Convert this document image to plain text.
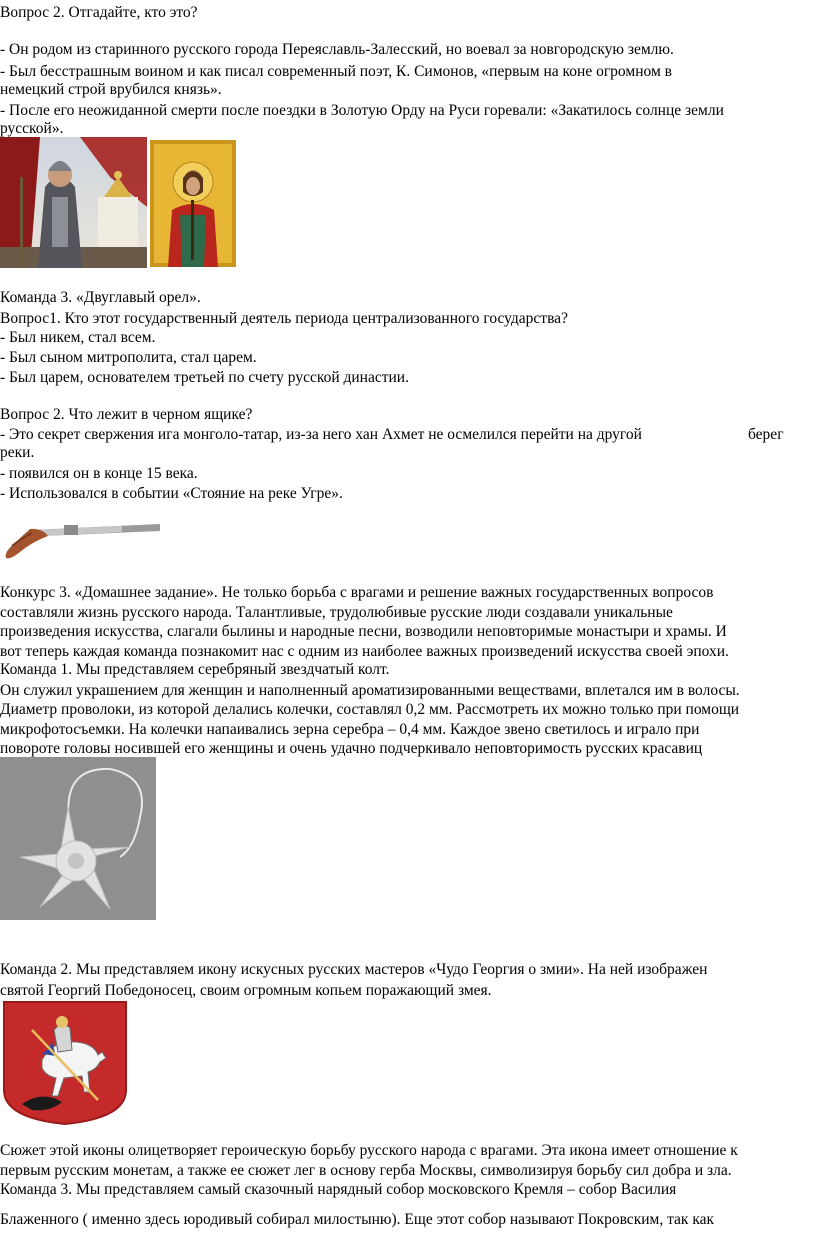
Вопрос 2. Отгадайте, кто это?
- Он родом из старинного русского города Переяславль-Залесский, но воевал за новгородскую землю.
- Был бесстрашным воином и как писал современный поэт, К. Симонов, «первым на коне огромном в
немецкий строй врубился князь».
- После его неожиданной смерти после поездки в Золотую Орду на Руси горевали: «Закатилось солнце земли
русской».
Команда 3. «Двуглавый орел».
Вопрос1. Кто этот государственный деятель периода централизованного государства?
- Был никем, стал всем.
- Был сыном митрополита, стал царем.
- Был царем, основателем третьей по счету русской династии.
Вопрос 2. Что лежит в черном ящике?
- Это секрет свержения ига монголо-татар, из-за него хан Ахмет не осмелился перейти на другой	берег
реки.
- появился он в конце 15 века.
- Использовался в событии «Стояние на реке Угре».
Конкурс 3. «Домашнее задание». Не только борьба с врагами и решение важных государственных вопросов
составляли жизнь русского народа. Талантливые, трудолюбивые русские люди создавали уникальные
произведения искусства, слагали былины и народные песни, возводили неповторимые монастыри и храмы. И
вот теперь каждая команда познакомит нас с одним из наиболее важных произведений искусства своей эпохи.
Команда 1. Мы представляем серебряный звездчатый колт.
Он служил украшением для женщин и наполненный ароматизированными веществами, вплетался им в волосы.
Диаметр проволоки, из которой делались колечки, составлял 0,2 мм. Рассмотреть их можно только при помощи
микрофотосъемки. На колечки напаивались зерна серебра – 0,4 мм. Каждое звено светилось и играло при
повороте головы носившей его женщины и очень удачно подчеркивало неповторимость русских красавиц
Команда 2. Мы представляем икону искусных русских мастеров «Чудо Георгия о змии». На ней изображен
святой Георгий Победоносец, своим огромным копьем поражающий змея.
Сюжет этой иконы олицетворяет героическую борьбу русского народа с врагами. Эта икона имеет отношение к
первым русским монетам, а также ее сюжет лег в основу герба Москвы, символизируя борьбу сил добра и зла.
Команда 3. Мы представляем самый сказочный нарядный собор московского Кремля – собор Василия
Блаженного ( именно здесь юродивый собирал милостыню). Еще этот собор называют Покровским, так как
